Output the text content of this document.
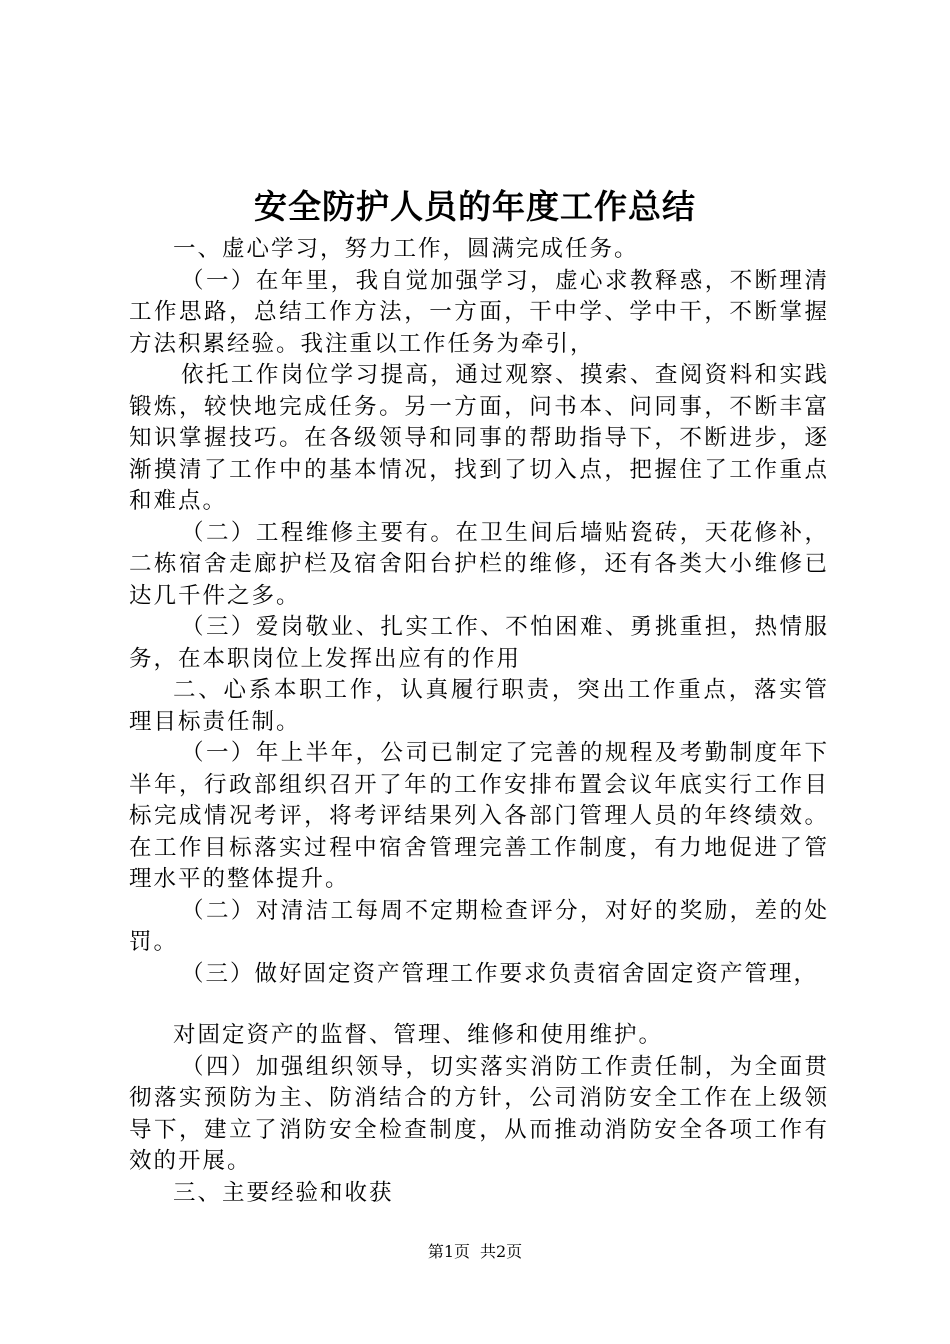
安全防护人员的年度工作总结

一、虚心学习，努力工作，圆满完成任务。

（一）在年里，我自觉加强学习，虚心求教释惑，不断理清工作思路，总结工作方法，一方面，干中学、学中干，不断掌握方法积累经验。我注重以工作任务为牵引，

依托工作岗位学习提高，通过观察、摸索、查阅资料和实践锻炼，较快地完成任务。另一方面，问书本、问同事，不断丰富知识掌握技巧。在各级领导和同事的帮助指导下，不断进步，逐渐摸清了工作中的基本情况，找到了切入点，把握住了工作重点和难点。

（二）工程维修主要有。在卫生间后墙贴瓷砖，天花修补，二栋宿舍走廊护栏及宿舍阳台护栏的维修，还有各类大小维修已达几千件之多。

（三）爱岗敬业、扎实工作、不怕困难、勇挑重担，热情服务，在本职岗位上发挥出应有的作用

二、心系本职工作，认真履行职责，突出工作重点，落实管理目标责任制。

（一）年上半年，公司已制定了完善的规程及考勤制度年下半年，行政部组织召开了年的工作安排布置会议年底实行工作目标完成情况考评，将考评结果列入各部门管理人员的年终绩效。在工作目标落实过程中宿舍管理完善工作制度，有力地促进了管理水平的整体提升。

（二）对清洁工每周不定期检查评分，对好的奖励，差的处罚。

（三）做好固定资产管理工作要求负责宿舍固定资产管理，

对固定资产的监督、管理、维修和使用维护。

（四）加强组织领导，切实落实消防工作责任制，为全面贯彻落实预防为主、防消结合的方针，公司消防安全工作在上级领导下，建立了消防安全检查制度，从而推动消防安全各项工作有效的开展。

三、主要经验和收获

第1页 共2页
